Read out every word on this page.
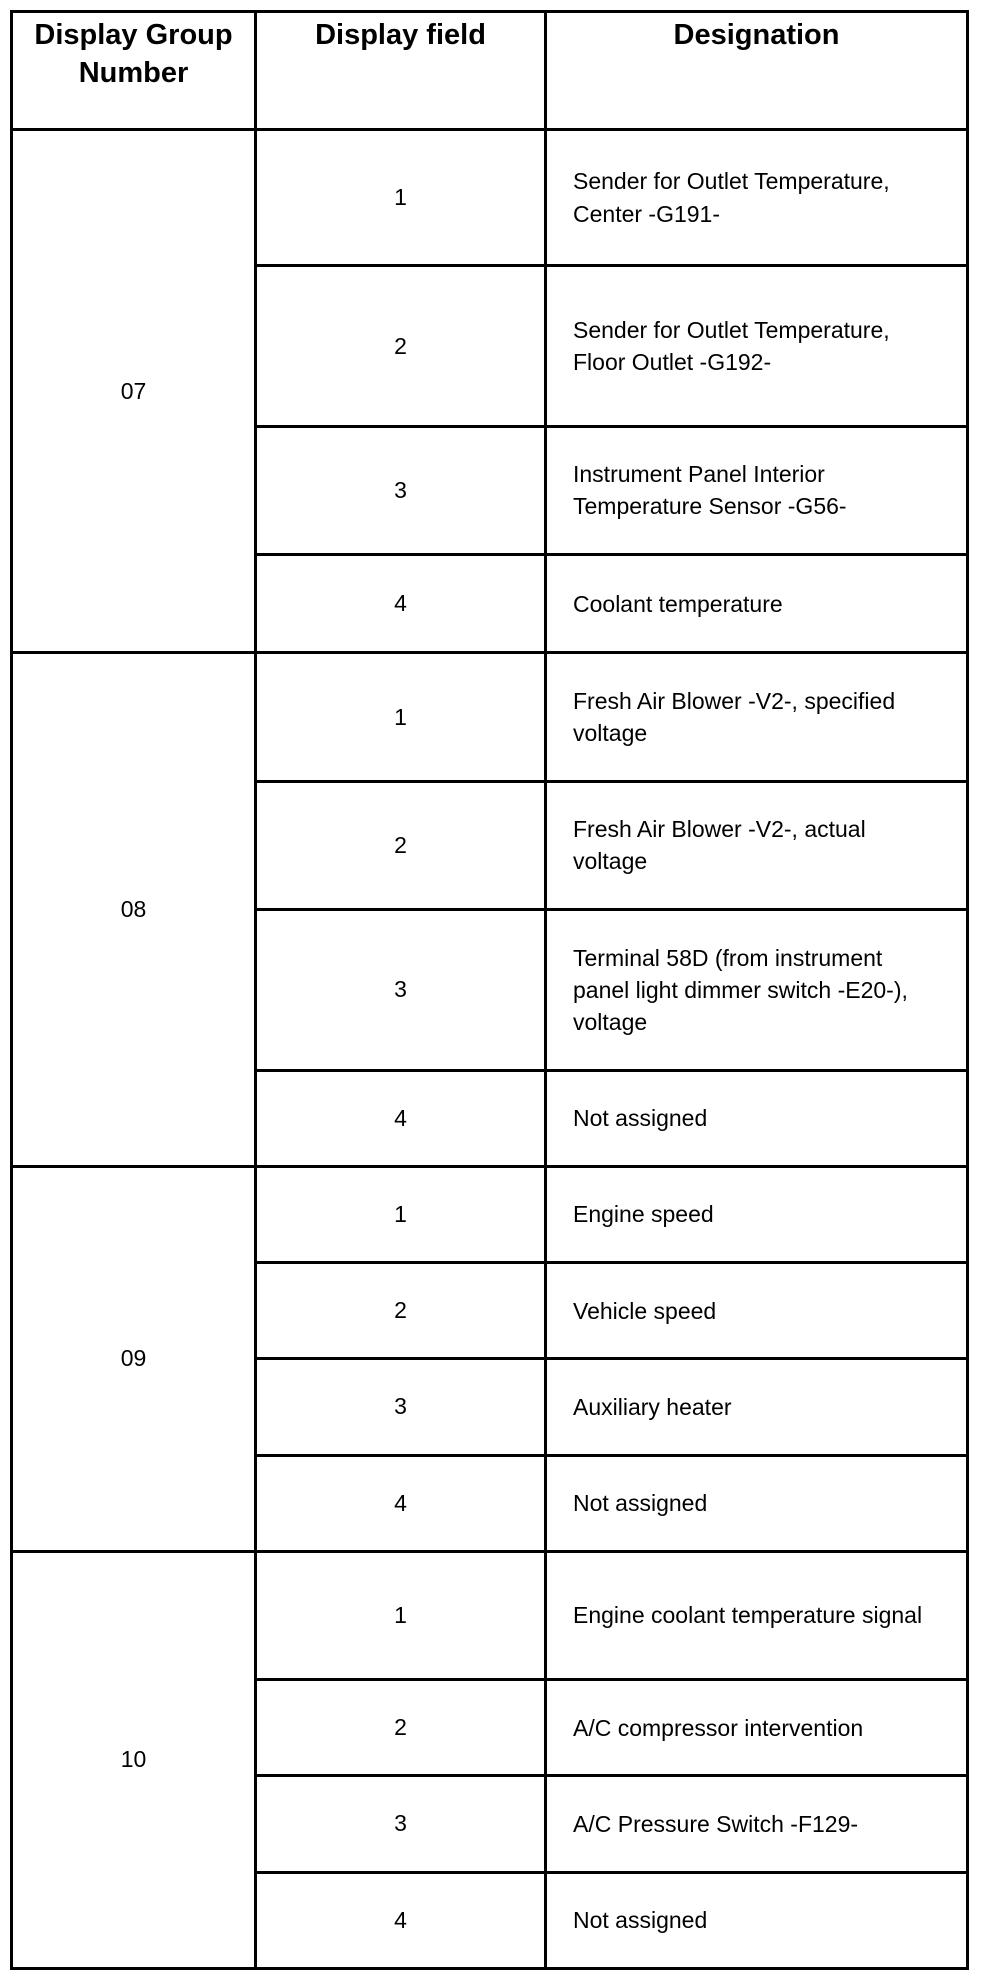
Display Group Number	Display field	Designation
07	1	Sender for Outlet Temperature, Center -G191-
	2	Sender for Outlet Temperature, Floor Outlet -G192-
	3	Instrument Panel Interior Temperature Sensor -G56-
	4	Coolant temperature
08	1	Fresh Air Blower -V2-, specified voltage
	2	Fresh Air Blower -V2-, actual voltage
	3	Terminal 58D (from instrument panel light dimmer switch -E20-), voltage
	4	Not assigned
09	1	Engine speed
	2	Vehicle speed
	3	Auxiliary heater
	4	Not assigned
10	1	Engine coolant temperature signal
	2	A/C compressor intervention
	3	A/C Pressure Switch -F129-
	4	Not assigned
